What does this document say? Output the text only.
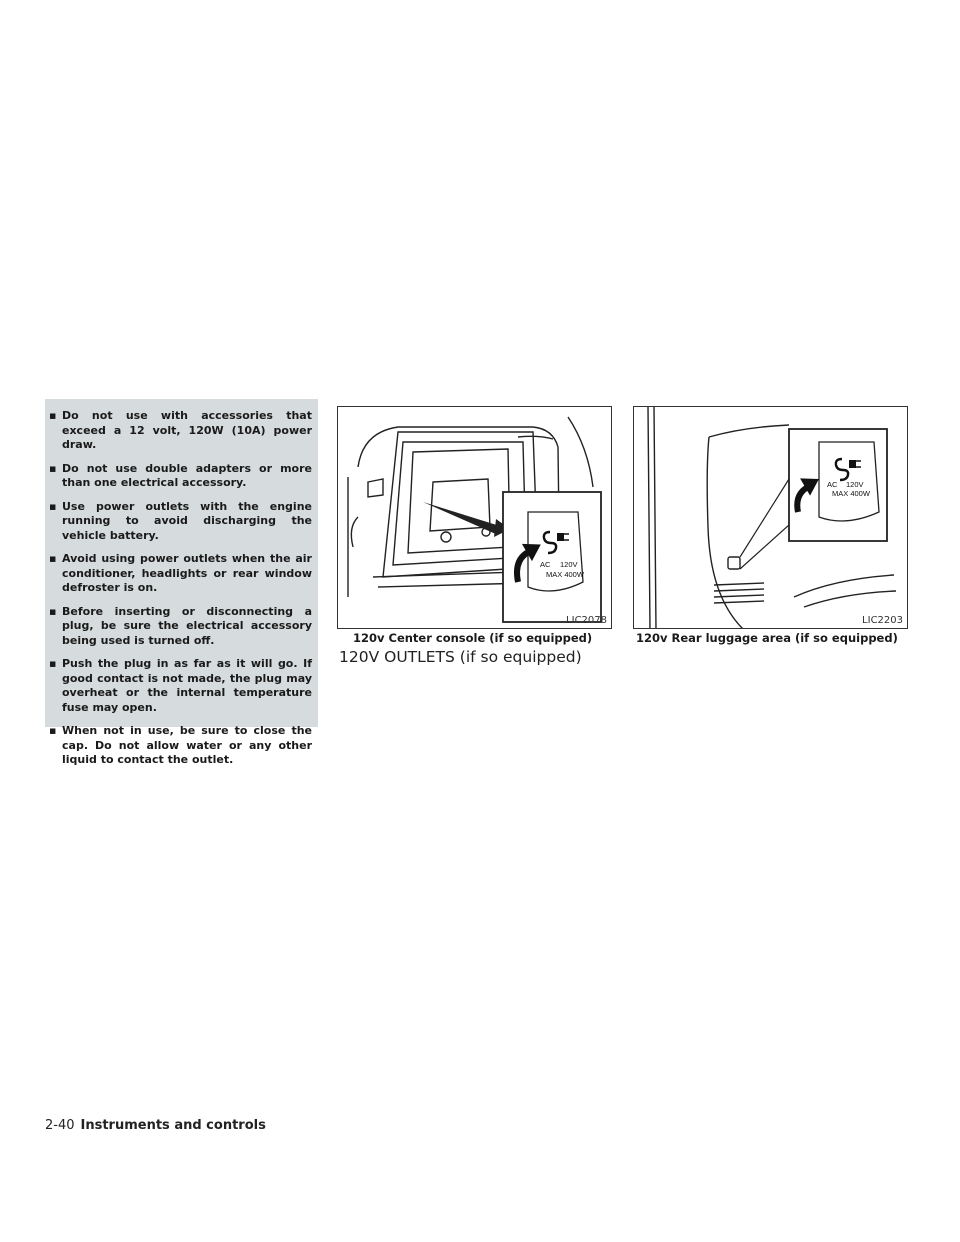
▪ Do not use with accessories that exceed a 12 volt, 120W (10A) power draw.
▪ Do not use double adapters or more than one electrical accessory.
▪ Use power outlets with the engine running to avoid discharging the vehicle battery.
▪ Avoid using power outlets when the air conditioner, headlights or rear window defroster is on.
▪ Before inserting or disconnecting a plug, be sure the electrical accessory being used is turned off.
▪ Push the plug in as far as it will go. If good contact is not made, the plug may overheat or the internal temperature fuse may open.
▪ When not in use, be sure to close the cap. Do not allow water or any other liquid to contact the outlet.
AC 120V
MAX 400W
LIC2078
120v Center console (if so equipped)
AC 120V
MAX 400W
LIC2203
120v Rear luggage area (if so equipped)
120V OUTLETS (if so equipped)
2-40 Instruments and controls
